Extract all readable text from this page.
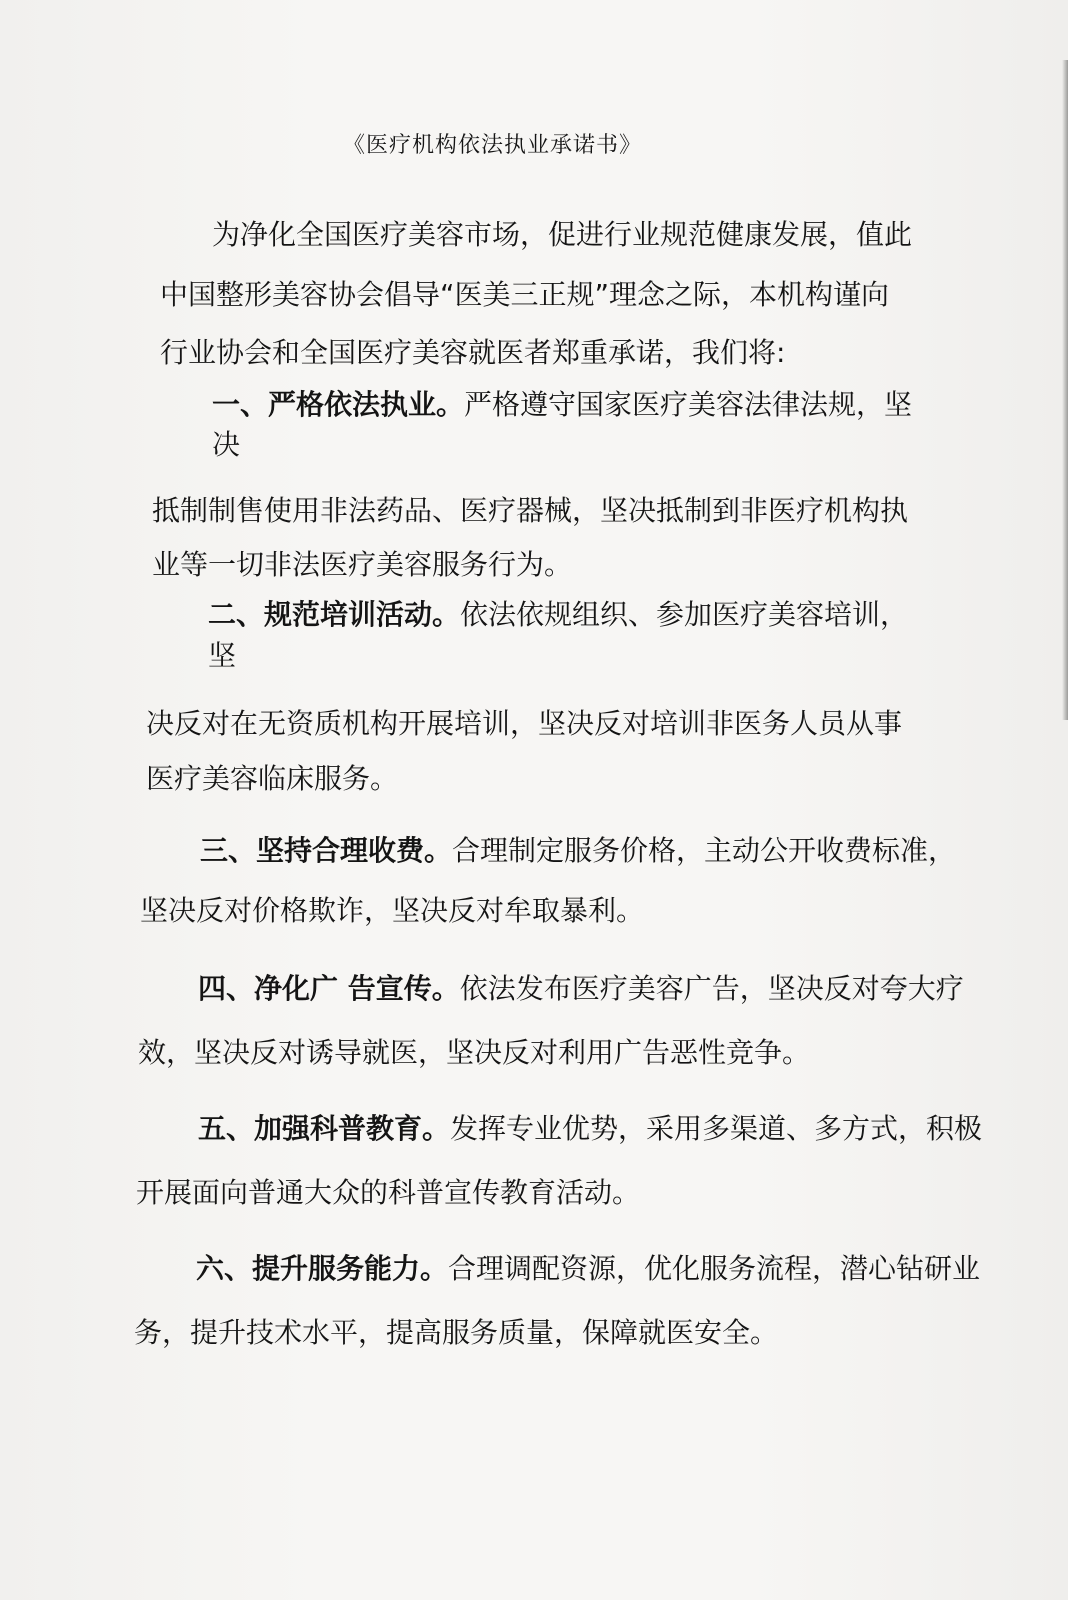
《医疗机构依法执业承诺书》
为净化全国医疗美容市场，促进行业规范健康发展，值此
中国整形美容协会倡导“医美三正规”理念之际，本机构谨向
行业协会和全国医疗美容就医者郑重承诺，我们将:
一、严格依法执业。严格遵守国家医疗美容法律法规，坚
决
抵制制售使用非法药品、医疗器械，坚决抵制到非医疗机构执
业等一切非法医疗美容服务行为。
二、规范培训活动。依法依规组织、参加医疗美容培训，
坚
决反对在无资质机构开展培训，坚决反对培训非医务人员从事
医疗美容临床服务。
三、坚持合理收费。合理制定服务价格，主动公开收费标准，
坚决反对价格欺诈，坚决反对牟取暴利。
四、净化广 告宣传。依法发布医疗美容广告，坚决反对夸大疗
效，坚决反对诱导就医，坚决反对利用广告恶性竞争。
五、加强科普教育。发挥专业优势，采用多渠道、多方式，积极
开展面向普通大众的科普宣传教育活动。
六、提升服务能力。合理调配资源，优化服务流程，潜心钻研业
务，提升技术水平，提高服务质量，保障就医安全。
